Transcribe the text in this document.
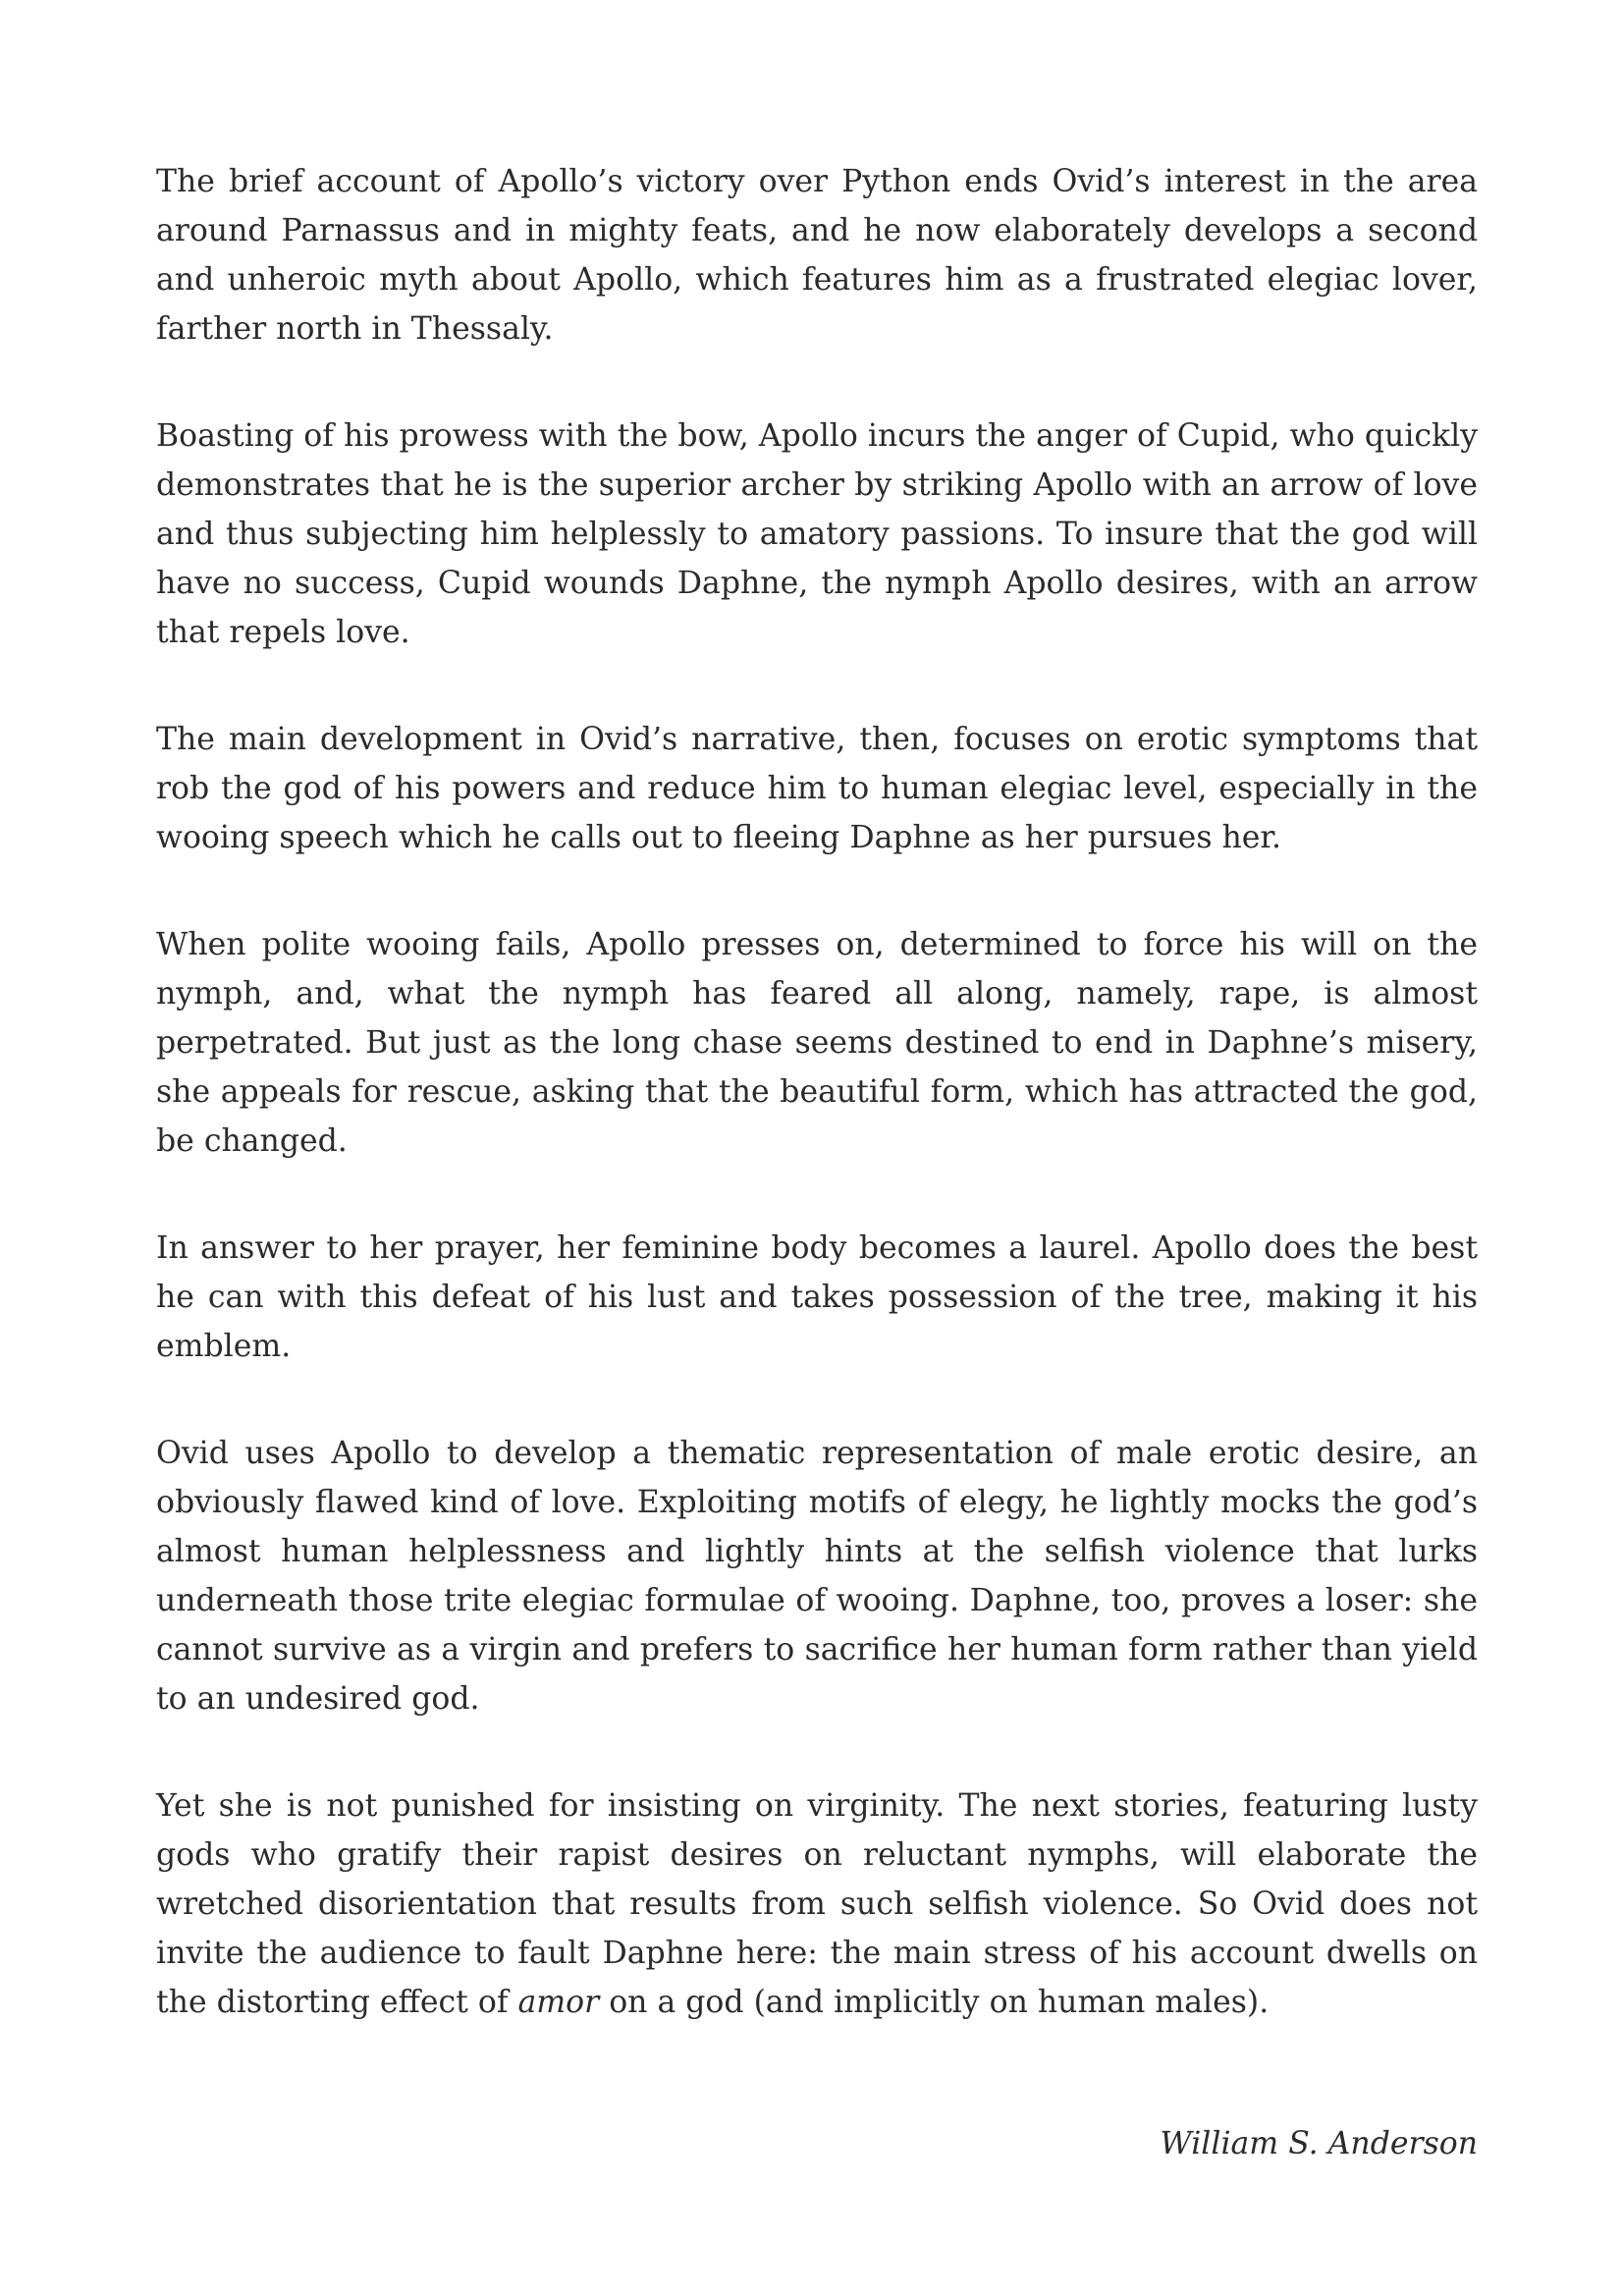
The brief account of Apollo’s victory over Python ends Ovid’s interest in the area around Parnassus and in mighty feats, and he now elaborately develops a second and unheroic myth about Apollo, which features him as a frustrated elegiac lover, farther north in Thessaly.

Boasting of his prowess with the bow, Apollo incurs the anger of Cupid, who quickly demonstrates that he is the superior archer by striking Apollo with an arrow of love and thus subjecting him helplessly to amatory passions. To insure that the god will have no success, Cupid wounds Daphne, the nymph Apollo desires, with an arrow that repels love.

The main development in Ovid’s narrative, then, focuses on erotic symptoms that rob the god of his powers and reduce him to human elegiac level, especially in the wooing speech which he calls out to fleeing Daphne as her pursues her.

When polite wooing fails, Apollo presses on, determined to force his will on the nymph, and, what the nymph has feared all along, namely, rape, is almost perpetrated. But just as the long chase seems destined to end in Daphne’s misery, she appeals for rescue, asking that the beautiful form, which has attracted the god, be changed.

In answer to her prayer, her feminine body becomes a laurel. Apollo does the best he can with this defeat of his lust and takes possession of the tree, making it his emblem.

Ovid uses Apollo to develop a thematic representation of male erotic desire, an obviously flawed kind of love. Exploiting motifs of elegy, he lightly mocks the god’s almost human helplessness and lightly hints at the selfish violence that lurks underneath those trite elegiac formulae of wooing. Daphne, too, proves a loser: she cannot survive as a virgin and prefers to sacrifice her human form rather than yield to an undesired god.

Yet she is not punished for insisting on virginity. The next stories, featuring lusty gods who gratify their rapist desires on reluctant nymphs, will elaborate the wretched disorientation that results from such selfish violence. So Ovid does not invite the audience to fault Daphne here: the main stress of his account dwells on the distorting effect of amor on a god (and implicitly on human males).

William S. Anderson
